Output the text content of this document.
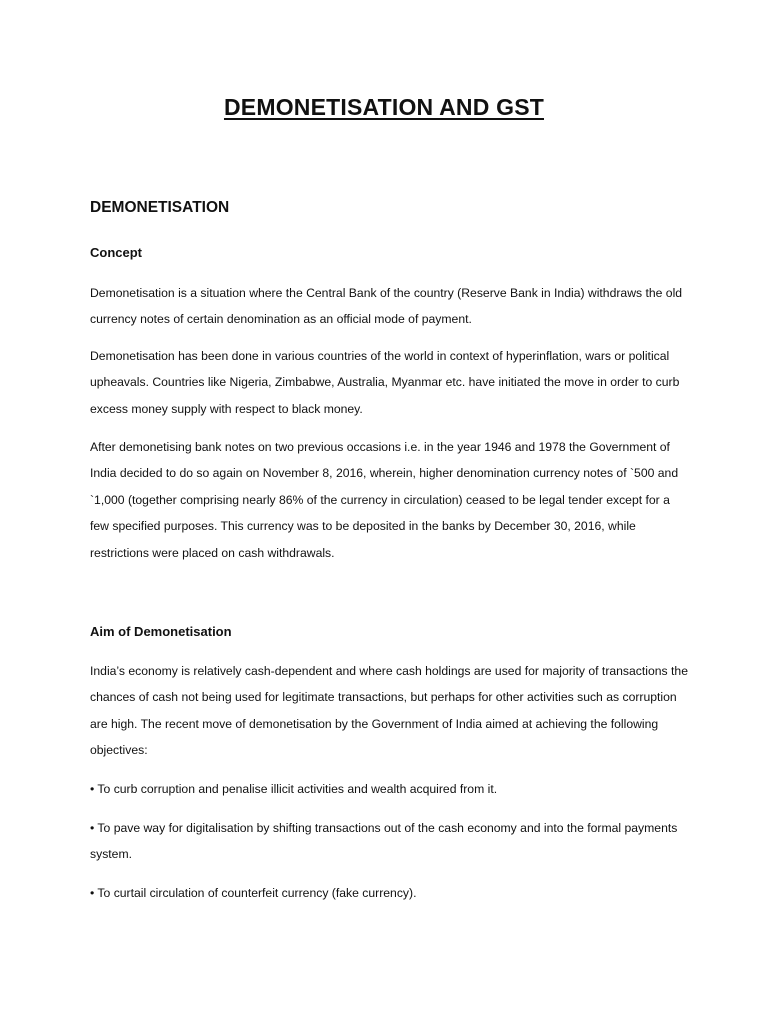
DEMONETISATION AND GST
DEMONETISATION
Concept

Demonetisation is a situation where the Central Bank of the country (Reserve Bank in India) withdraws the old currency notes of certain denomination as an official mode of payment.

Demonetisation has been done in various countries of the world in context of hyperinflation, wars or political upheavals. Countries like Nigeria, Zimbabwe, Australia, Myanmar etc. have initiated the move in order to curb excess money supply with respect to black money.

After demonetising bank notes on two previous occasions i.e. in the year 1946 and 1978 the Government of India decided to do so again on November 8, 2016, wherein, higher denomination currency notes of `500 and `1,000 (together comprising nearly 86% of the currency in circulation) ceased to be legal tender except for a few specified purposes. This currency was to be deposited in the banks by December 30, 2016, while restrictions were placed on cash withdrawals.

Aim of Demonetisation

India’s economy is relatively cash-dependent and where cash holdings are used for majority of transactions the chances of cash not being used for legitimate transactions, but perhaps for other activities such as corruption are high. The recent move of demonetisation by the Government of India aimed at achieving the following objectives:

• To curb corruption and penalise illicit activities and wealth acquired from it.

• To pave way for digitalisation by shifting transactions out of the cash economy and into the formal payments system.

• To curtail circulation of counterfeit currency (fake currency).
